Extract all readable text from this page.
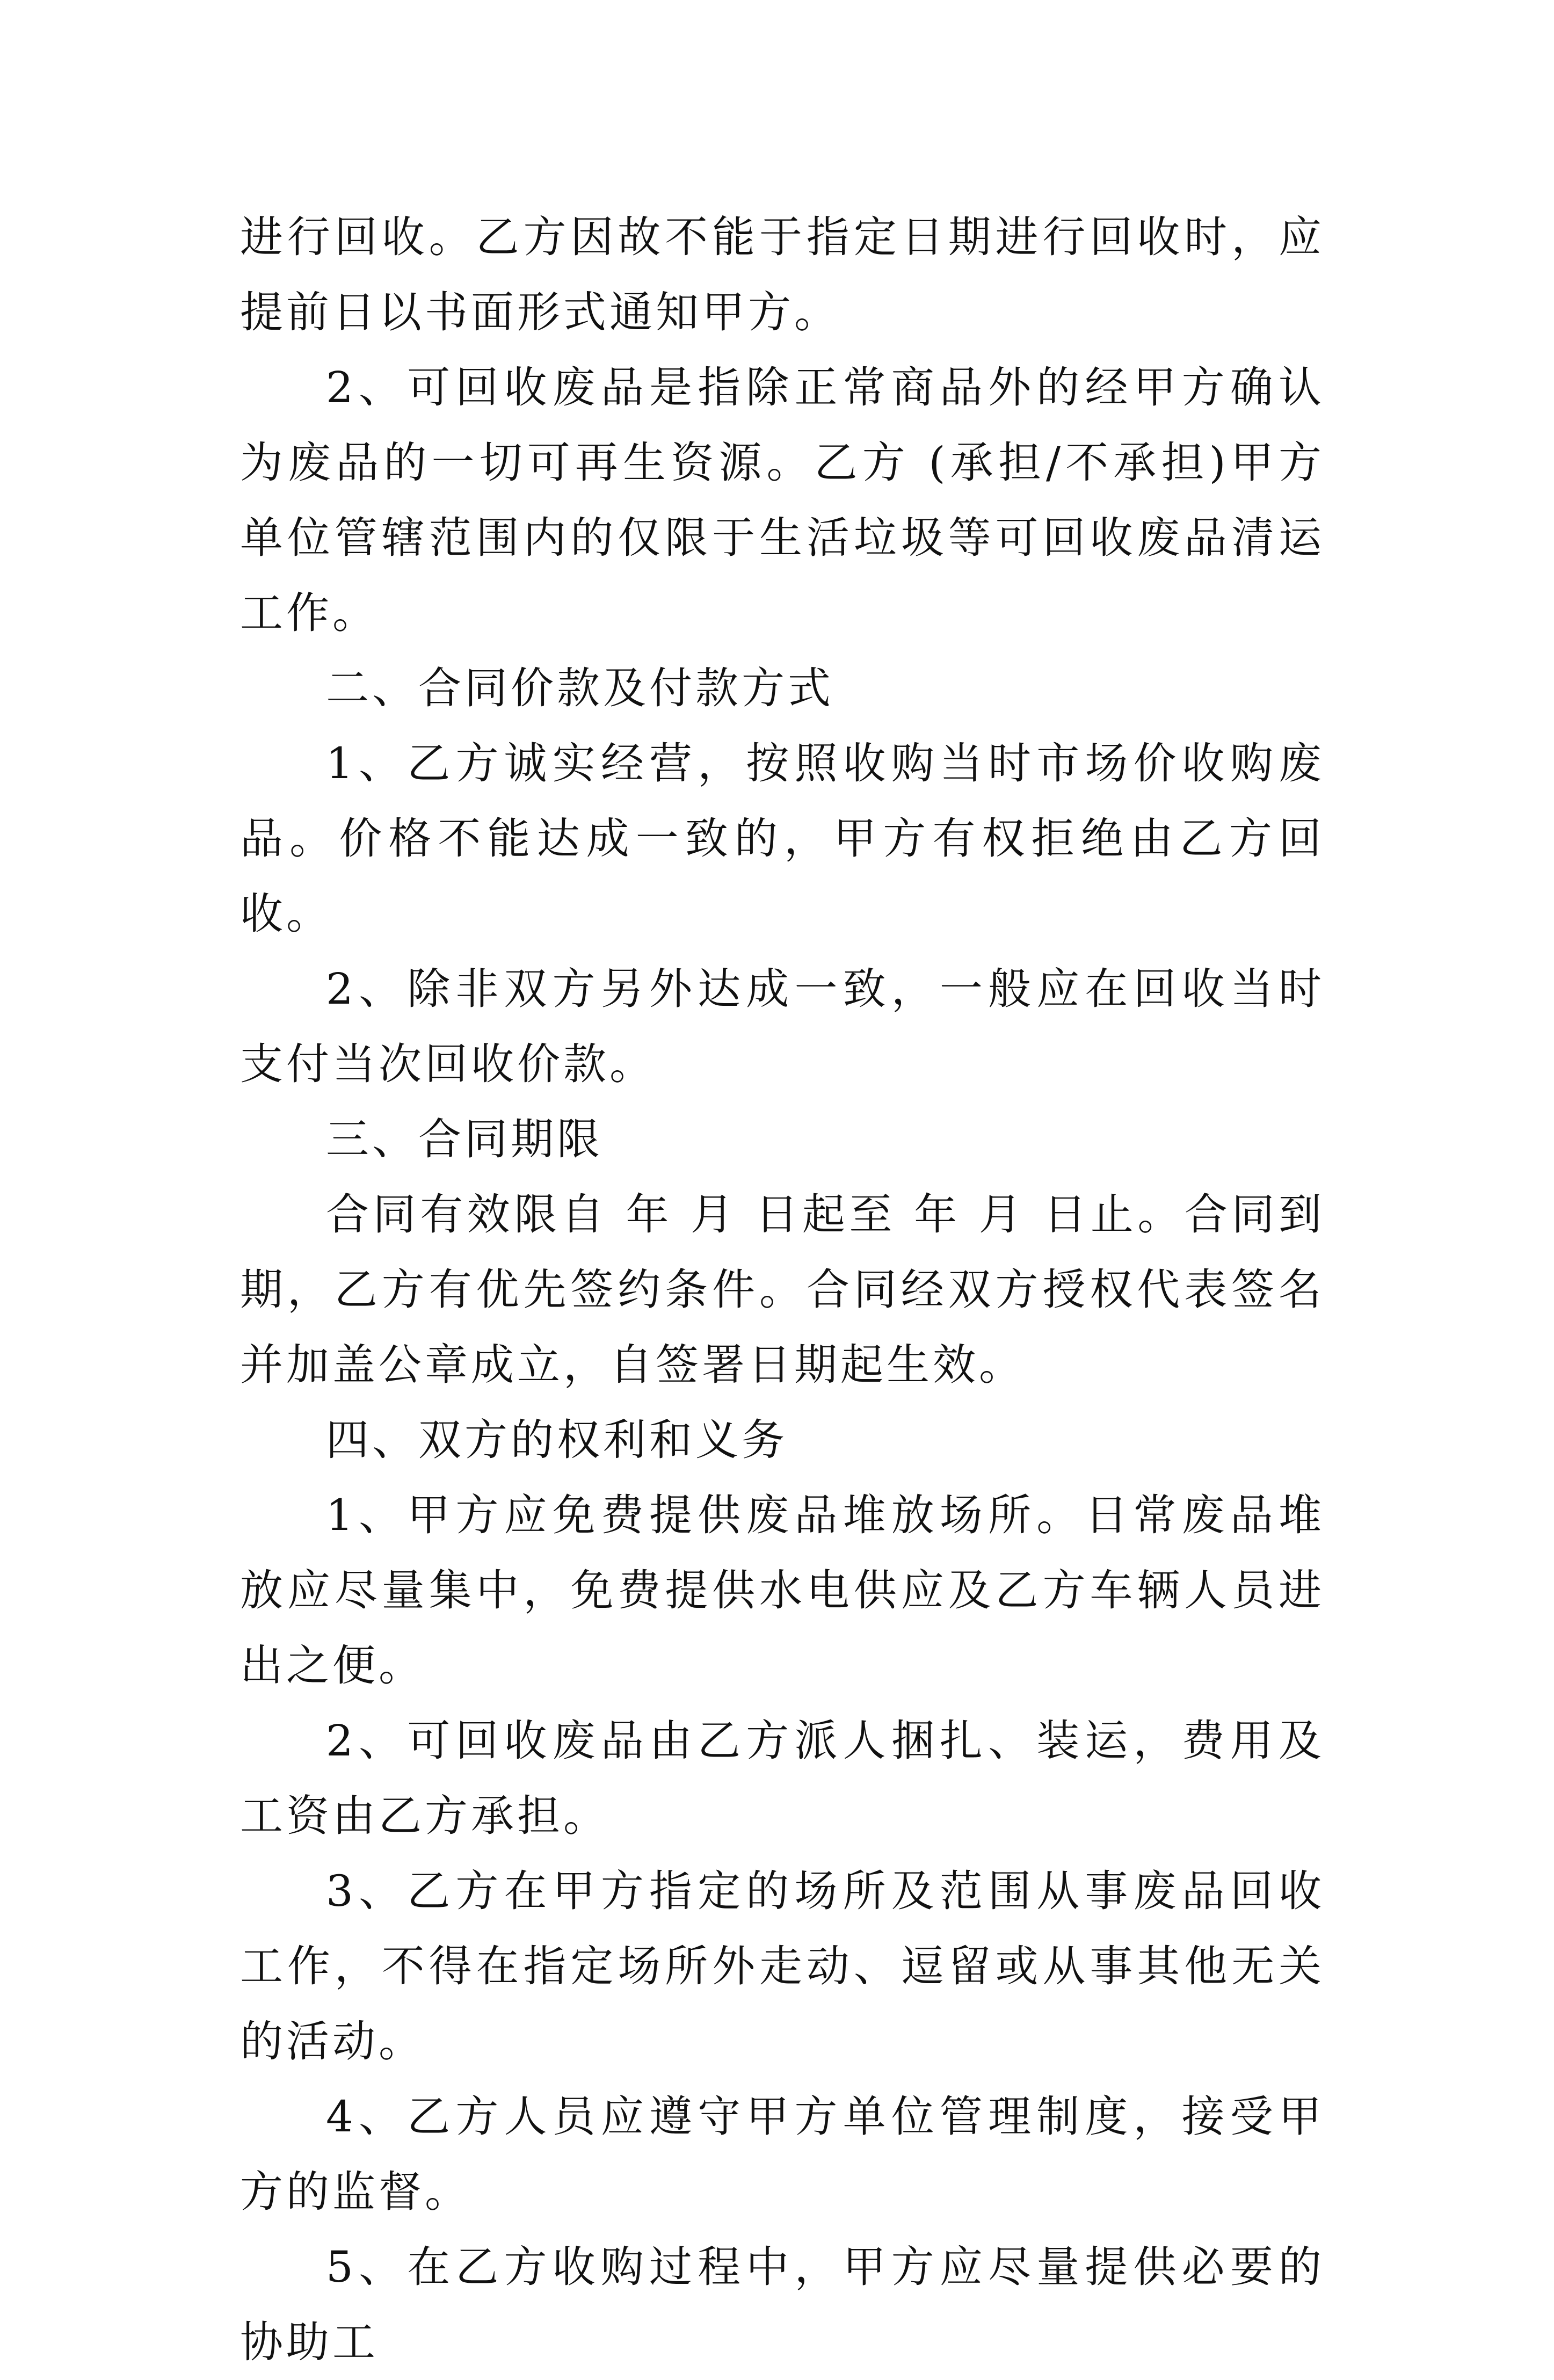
进行回收。乙方因故不能于指定日期进行回收时，应提前日以书面形式通知甲方。

2、可回收废品是指除正常商品外的经甲方确认为废品的一切可再生资源。乙方 (承担/不承担)甲方单位管辖范围内的仅限于生活垃圾等可回收废品清运工作。

二、合同价款及付款方式

1、乙方诚实经营，按照收购当时市场价收购废品。价格不能达成一致的，甲方有权拒绝由乙方回收。

2、除非双方另外达成一致，一般应在回收当时支付当次回收价款。

三、合同期限

合同有效限自 年 月 日起至 年 月 日止。合同到期，乙方有优先签约条件。合同经双方授权代表签名并加盖公章成立，自签署日期起生效。

四、双方的权利和义务

1、甲方应免费提供废品堆放场所。日常废品堆放应尽量集中，免费提供水电供应及乙方车辆人员进出之便。

2、可回收废品由乙方派人捆扎、装运，费用及工资由乙方承担。

3、乙方在甲方指定的场所及范围从事废品回收工作，不得在指定场所外走动、逗留或从事其他无关的活动。

4、乙方人员应遵守甲方单位管理制度，接受甲方的监督。

5、在乙方收购过程中，甲方应尽量提供必要的协助工
